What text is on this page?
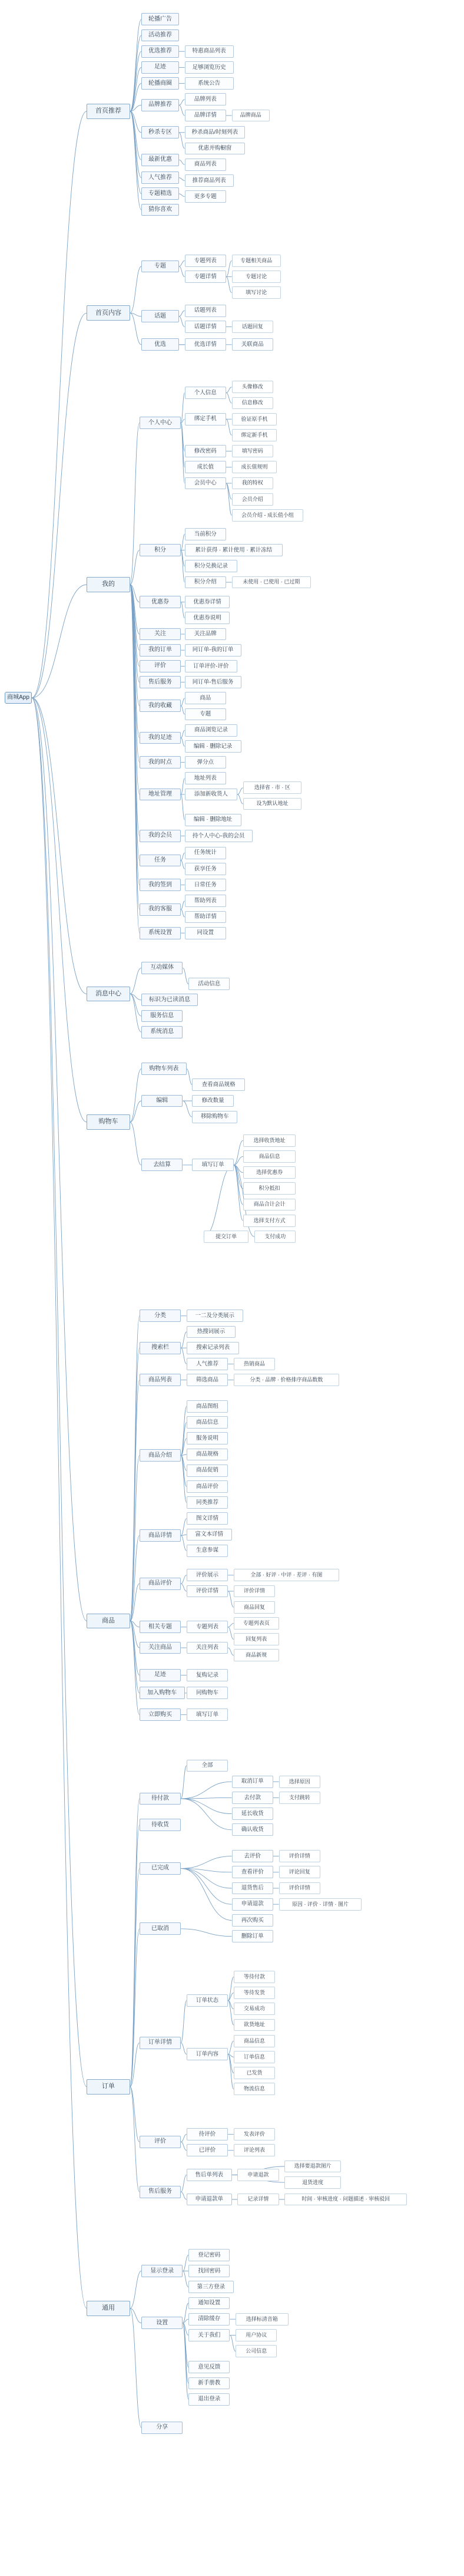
商城App
首页推荐
轮播广告
活动推荐
优选推荐	特惠商品列表
足迹	足够浏览历史
轮播商圈	系统公告
品牌推荐
品牌列表
品牌详情	品牌商品
秒杀专区	秒杀商品/时刻列表
优惠并购橱窗
最新优惠
商品列表
人气推荐	推荐商品列表
专题精选	更多专题
猜你喜欢
首页内容
专题
专题列表
专题详情
专题相关商品
专题讨论
填写讨论
话题
话题列表
话题详情	话题回复
优选	优选详情	关联商品
我的
个人中心
个人信息
头像修改
信息修改
绑定手机	验证原手机
绑定新手机
修改密码	填写密码
成长值	成长值规则
会员中心	我的特权
会员介绍
会员介绍 - 成长值小组
积分
当前积分
累计获得 · 累计使用 · 累计冻结
积分兑换记录
积分介绍	未使用 · 已使用 · 已过期
优惠券	优惠券详情
优惠券说明
关注	关注品牌
我的订单	同订单-我的订单
评价	订单评价-评价
售后服务	同订单-售后服务
我的收藏
商品
专题
我的足迹
商品浏览记录
编辑 · 删除记录
我的时点	弹分点
地址管理
地址列表
添加新收货人
选择省 · 市 · 区
设为默认地址
编辑 · 删除地址
我的会员	持个人中心-我的会员
任务
任务统计
获享任务
我的签到	日常任务
我的客服
帮助列表
帮助详情
系统设置	同设置
消息中心
互动媒体
活动信息
标识为已读消息
服务信息
系统消息
购物车
购物车列表
查看商品规格
编辑	修改数量
移除购物车
去结算	填写订单
选择收货地址
商品信息
选择优惠券
积分抵扣
商品合计会计
选择支付方式
提交订单	支付成功
商品
分类	一二及分类展示
搜索栏
热搜词展示
搜索记录列表
人气推荐	热销商品
商品列表	筛选商品	分类 · 品牌 · 价格排序商品数数
商品介绍
商品图组
商品信息
服务说明
商品规格
商品促销
商品评价
同类推荐
商品详情
图文详情
富文本详情
生意参谋
商品评价
评价展示	全部 · 好评 · 中评 · 差评 · 有图
评价详情	评价详情
商品回复
相关专题	专题列表
专题列表页
回复列表
关注商品	关注列表
商品新规
足迹	复购记录
加入购物车	同购物车
立即购买	填写订单
订单
待付款
全部
取消订单	选择原因
去付款	支付跳转
延长收货
确认收货
待收货
已完成
去评价	评价详情
查看评价	评论回复
退货售后	评价详情
申请退款	原因 · 评价 · 详情 · 图片
再次购买
已取消
删除订单
订单详情
订单状态
等待付款
等待发货
交易成功
欲货地址
订单内容
商品信息
订单信息
已发货
物流信息
评价
待评价	发表评价
已评价	评论列表
售后服务
售后单列表	申请退款
选择要退款图片
退货进度
申请退款单	记录详情	时间 · 审核进度 · 问题描述 · 审核驳回
通用
显示登录
登记密码
找回密码
第三方登录
设置
通知设置
清除缓存	选择标清音箱
关于我们	用户协议
公司信息
意见反馈
新手册教
退出登录
分享
